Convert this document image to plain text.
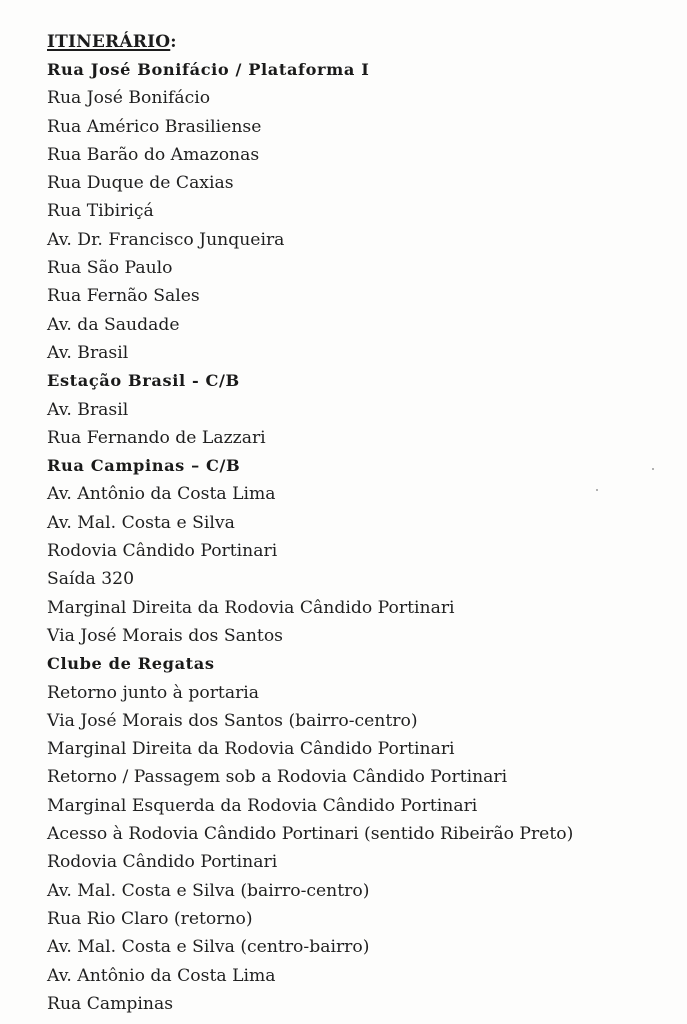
ITINERÁRIO:
Rua José Bonifácio / Plataforma I
Rua José Bonifácio
Rua Américo Brasiliense
Rua Barão do Amazonas
Rua Duque de Caxias
Rua Tibiriçá
Av. Dr. Francisco Junqueira
Rua São Paulo
Rua Fernão Sales
Av. da Saudade
Av. Brasil
Estação Brasil - C/B
Av. Brasil
Rua Fernando de Lazzari
Rua Campinas – C/B
Av. Antônio da Costa Lima
Av. Mal. Costa e Silva
Rodovia Cândido Portinari
Saída 320
Marginal Direita da Rodovia Cândido Portinari
Via José Morais dos Santos
Clube de Regatas
Retorno junto à portaria
Via José Morais dos Santos (bairro-centro)
Marginal Direita da Rodovia Cândido Portinari
Retorno / Passagem sob a Rodovia Cândido Portinari
Marginal Esquerda da Rodovia Cândido Portinari
Acesso à Rodovia Cândido Portinari (sentido Ribeirão Preto)
Rodovia Cândido Portinari
Av. Mal. Costa e Silva (bairro-centro)
Rua Rio Claro (retorno)
Av. Mal. Costa e Silva (centro-bairro)
Av. Antônio da Costa Lima
Rua Campinas
